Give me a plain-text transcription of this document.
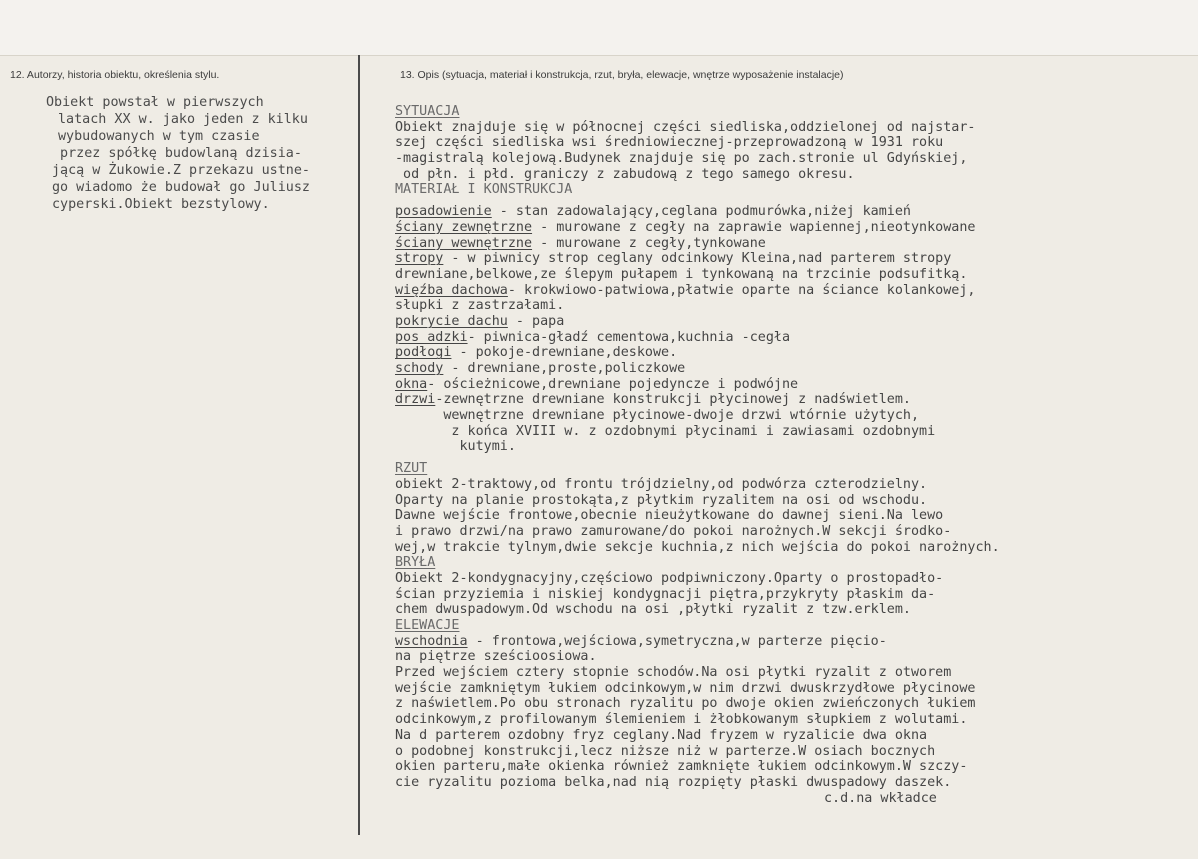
12. Autorzy, historia obiektu, określenia stylu.	13. Opis (sytuacja, materiał i konstrukcja, rzut, bryła, elewacje, wnętrze wyposażenie instalacje)
Obiekt powstał w pierwszych
latach XX w. jako jeden z kilku
wybudowanych w tym czasie
przez spółkę budowlaną dzisia-
jącą w Żukowie.Z przekazu ustne-
go wiadomo że budował go Juliusz
cyperski.Obiekt bezstylowy.
SYTUACJA
Obiekt znajduje się w północnej części siedliska,oddzielonej od najstar-
szej części siedliska wsi średniowiecznej-przeprowadzoną w 1931 roku
-magistralą kolejową.Budynek znajduje się po zach.stronie ul Gdyńskiej,
od płn. i płd. graniczy z zabudową z tego samego okresu.
MATERIAŁ I KONSTRUKCJA
posadowienie - stan zadowalający,ceglana podmurówka,niżej kamień
ściany zewnętrzne - murowane z cegły na zaprawie wapiennej,nieotynkowane
ściany wewnętrzne - murowane z cegły,tynkowane
stropy - w piwnicy strop ceglany odcinkowy Kleina,nad parterem stropy
drewniane,belkowe,ze ślepym pułapem i tynkowaną na trzcinie podsufitką.
więźba dachowa- krokwiowo-patwiowa,płatwie oparte na ściance kolankowej,
słupki z zastrzałami.
pokrycie dachu - papa
pos adzki- piwnica-gładź cementowa,kuchnia -cegła
podłogi - pokoje-drewniane,deskowe.
schody - drewniane,proste,policzkowe
okna- ościeżnicowe,drewniane pojedyncze i podwójne
drzwi-zewnętrzne drewniane konstrukcji płycinowej z nadświetlem.
wewnętrzne drewniane płycinowe-dwoje drzwi wtórnie użytych,
z końca XVIII w. z ozdobnymi płycinami i zawiasami ozdobnymi
kutymi.
RZUT
obiekt 2-traktowy,od frontu trójdzielny,od podwórza czterodzielny.
Oparty na planie prostokąta,z płytkim ryzalitem na osi od wschodu.
Dawne wejście frontowe,obecnie nieużytkowane do dawnej sieni.Na lewo
i prawo drzwi/na prawo zamurowane/do pokoi narożnych.W sekcji środko-
wej,w trakcie tylnym,dwie sekcje kuchnia,z nich wejścia do pokoi narożnych.
BRYŁA
Obiekt 2-kondygnacyjny,częściowo podpiwniczony.Oparty o prostopadło-
ścian przyziemia i niskiej kondygnacji piętra,przykryty płaskim da-
chem dwuspadowym.Od wschodu na osi ,płytki ryzalit z tzw.erklem.
ELEWACJE
wschodnia - frontowa,wejściowa,symetryczna,w parterze pięcio-
na piętrze sześcioosiowa.
Przed wejściem cztery stopnie schodów.Na osi płytki ryzalit z otworem
wejście zamkniętym łukiem odcinkowym,w nim drzwi dwuskrzydłowe płycinowe
z naświetlem.Po obu stronach ryzalitu po dwoje okien zwieńczonych łukiem
odcinkowym,z profilowanym ślemieniem i żłobkowanym słupkiem z wolutami.
Na d parterem ozdobny fryz ceglany.Nad fryzem w ryzalicie dwa okna
o podobnej konstrukcji,lecz niższe niż w parterze.W osiach bocznych
okien parteru,małe okienka również zamknięte łukiem odcinkowym.W szczy-
cie ryzalitu pozioma belka,nad nią rozpięty płaski dwuspadowy daszek.
c.d.na wkładce
